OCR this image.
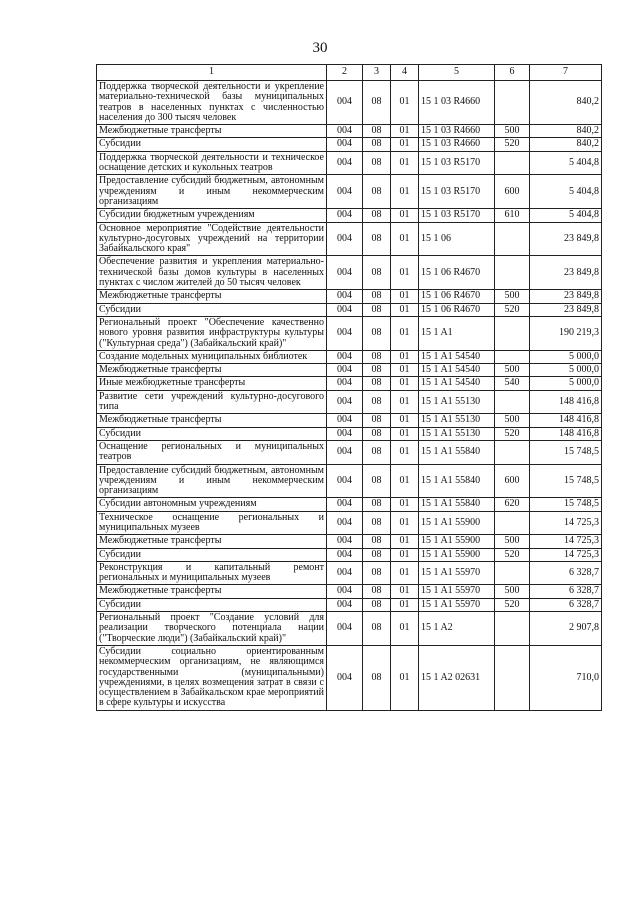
30
1	2	3	4	5	6	7
Поддержка творческой деятельности и укрепление материально-технической базы муниципальных театров в населенных пунктах с численностью населения до 300 тысяч человек	004	08	01	15 1 03 R4660		840,2
Межбюджетные трансферты	004	08	01	15 1 03 R4660	500	840,2
Субсидии	004	08	01	15 1 03 R4660	520	840,2
Поддержка творческой деятельности и техническое оснащение детских и кукольных театров	004	08	01	15 1 03 R5170		5 404,8
Предоставление субсидий бюджетным, автономным учреждениям и иным некоммерческим организациям	004	08	01	15 1 03 R5170	600	5 404,8
Субсидии бюджетным учреждениям	004	08	01	15 1 03 R5170	610	5 404,8
Основное мероприятие "Содействие деятельности культурно-досуговых учреждений на территории Забайкальского края"	004	08	01	15 1 06		23 849,8
Обеспечение развития и укрепления материально-технической базы домов культуры в населенных пунктах с числом жителей до 50 тысяч человек	004	08	01	15 1 06 R4670		23 849,8
Межбюджетные трансферты	004	08	01	15 1 06 R4670	500	23 849,8
Субсидии	004	08	01	15 1 06 R4670	520	23 849,8
Региональный проект "Обеспечение качественно нового уровня развития инфраструктуры культуры ("Культурная среда") (Забайкальский край)"	004	08	01	15 1 A1		190 219,3
Создание модельных муниципальных библиотек	004	08	01	15 1 A1 54540		5 000,0
Межбюджетные трансферты	004	08	01	15 1 A1 54540	500	5 000,0
Иные межбюджетные трансферты	004	08	01	15 1 A1 54540	540	5 000,0
Развитие сети учреждений культурно-досугового типа	004	08	01	15 1 A1 55130		148 416,8
Межбюджетные трансферты	004	08	01	15 1 A1 55130	500	148 416,8
Субсидии	004	08	01	15 1 A1 55130	520	148 416,8
Оснащение региональных и муниципальных театров	004	08	01	15 1 A1 55840		15 748,5
Предоставление субсидий бюджетным, автономным учреждениям и иным некоммерческим организациям	004	08	01	15 1 A1 55840	600	15 748,5
Субсидии автономным учреждениям	004	08	01	15 1 A1 55840	620	15 748,5
Техническое оснащение региональных и муниципальных музеев	004	08	01	15 1 A1 55900		14 725,3
Межбюджетные трансферты	004	08	01	15 1 A1 55900	500	14 725,3
Субсидии	004	08	01	15 1 A1 55900	520	14 725,3
Реконструкция и капитальный ремонт региональных и муниципальных музеев	004	08	01	15 1 A1 55970		6 328,7
Межбюджетные трансферты	004	08	01	15 1 A1 55970	500	6 328,7
Субсидии	004	08	01	15 1 A1 55970	520	6 328,7
Региональный проект "Создание условий для реализации творческого потенциала нации ("Творческие люди") (Забайкальский край)"	004	08	01	15 1 A2		2 907,8
Субсидии социально ориентированным некоммерческим организациям, не являющимся государственными (муниципальными) учреждениями, в целях возмещения затрат в связи с осуществлением в Забайкальском крае мероприятий в сфере культуры и искусства	004	08	01	15 1 A2 02631		710,0
